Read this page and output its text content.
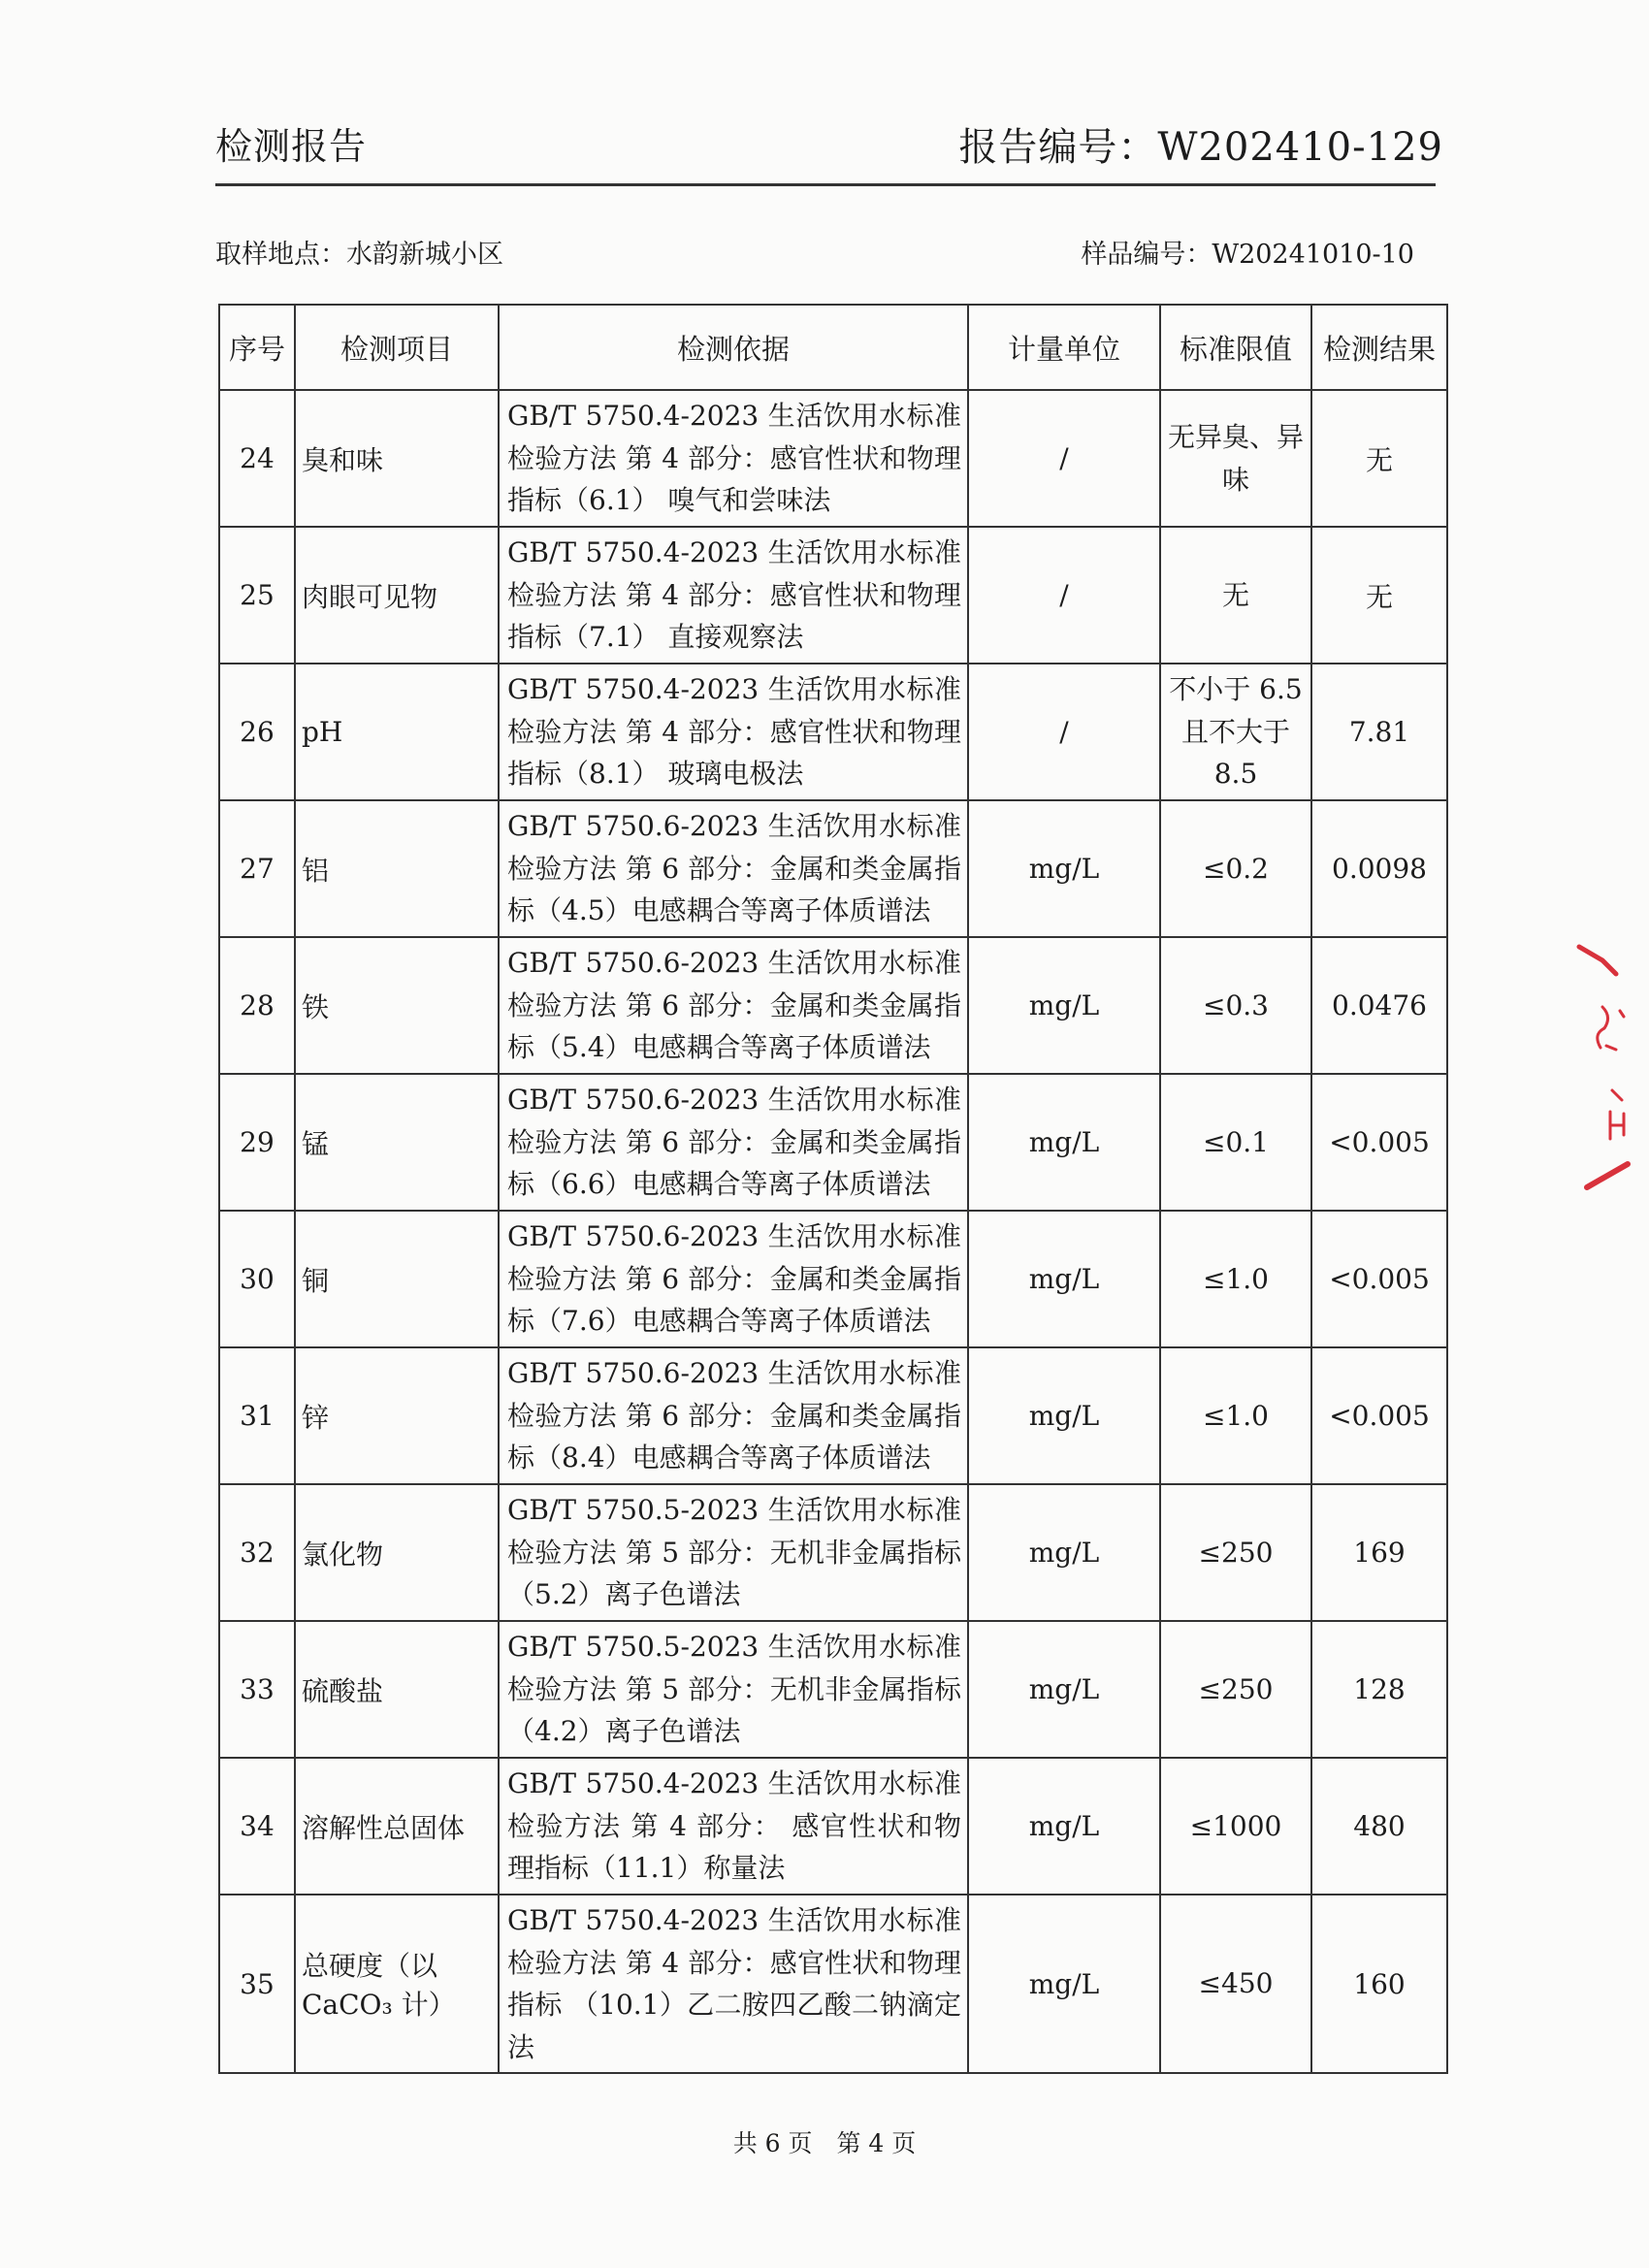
检测报告	报告编号：W202410-129
取样地点：水韵新城小区	样品编号：W20241010-10
序号	检测项目	检测依据	计量单位	标准限值	检测结果
24	臭和味	GB/T 5750.4-2023 生活饮用水标准检验方法 第 4 部分：感官性状和物理指标（6.1） 嗅气和尝味法	/	无异臭、异味	无
25	肉眼可见物	GB/T 5750.4-2023 生活饮用水标准检验方法 第 4 部分：感官性状和物理指标（7.1） 直接观察法	/	无	无
26	pH	GB/T 5750.4-2023 生活饮用水标准检验方法 第 4 部分：感官性状和物理指标（8.1） 玻璃电极法	/	不小于 6.5 且不大于 8.5	7.81
27	铝	GB/T 5750.6-2023 生活饮用水标准检验方法 第 6 部分：金属和类金属指标（4.5）电感耦合等离子体质谱法	mg/L	≤0.2	0.0098
28	铁	GB/T 5750.6-2023 生活饮用水标准检验方法 第 6 部分：金属和类金属指标（5.4）电感耦合等离子体质谱法	mg/L	≤0.3	0.0476
29	锰	GB/T 5750.6-2023 生活饮用水标准检验方法 第 6 部分：金属和类金属指标（6.6）电感耦合等离子体质谱法	mg/L	≤0.1	<0.005
30	铜	GB/T 5750.6-2023 生活饮用水标准检验方法 第 6 部分：金属和类金属指标（7.6）电感耦合等离子体质谱法	mg/L	≤1.0	<0.005
31	锌	GB/T 5750.6-2023 生活饮用水标准检验方法 第 6 部分：金属和类金属指标（8.4）电感耦合等离子体质谱法	mg/L	≤1.0	<0.005
32	氯化物	GB/T 5750.5-2023 生活饮用水标准检验方法 第 5 部分：无机非金属指标（5.2）离子色谱法	mg/L	≤250	169
33	硫酸盐	GB/T 5750.5-2023 生活饮用水标准检验方法 第 5 部分：无机非金属指标（4.2）离子色谱法	mg/L	≤250	128
34	溶解性总固体	GB/T 5750.4-2023 生活饮用水标准检验方法 第 4 部分： 感官性状和物理指标（11.1）称量法	mg/L	≤1000	480
35	总硬度（以 CaCO₃ 计）	GB/T 5750.4-2023 生活饮用水标准检验方法 第 4 部分：感官性状和物理指标 （10.1）乙二胺四乙酸二钠滴定法	mg/L	≤450	160
共 6 页　第 4 页
